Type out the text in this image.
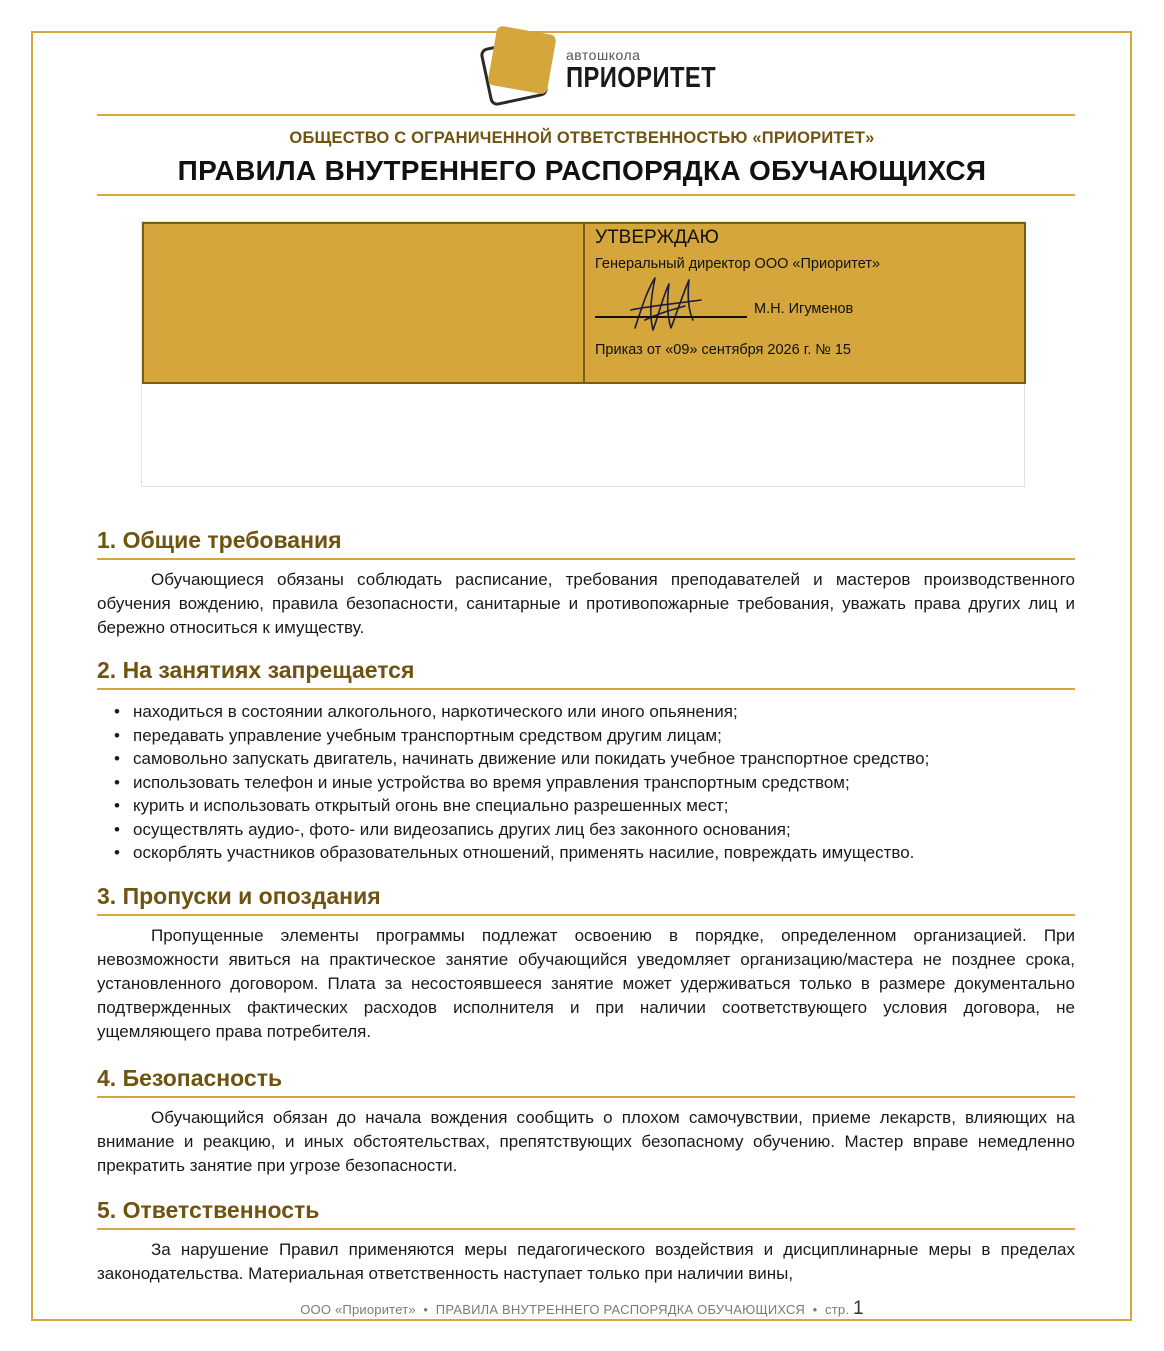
автошкола
ПРИОРИТЕТ
ОБЩЕСТВО С ОГРАНИЧЕННОЙ ОТВЕТСТВЕННОСТЬЮ «ПРИОРИТЕТ»
ПРАВИЛА ВНУТРЕННЕГО РАСПОРЯДКА ОБУЧАЮЩИХСЯ
УТВЕРЖДАЮ
Генеральный директор ООО «Приоритет»
М.Н. Игуменов
Приказ от «09» сентября 2026 г. № 15
1. Общие требования

Обучающиеся обязаны соблюдать расписание, требования преподавателей и мастеров производственного обучения вождению, правила безопасности, санитарные и противопожарные требования, уважать права других лиц и бережно относиться к имуществу.

2. На занятиях запрещается
• находиться в состоянии алкогольного, наркотического или иного опьянения;
• передавать управление учебным транспортным средством другим лицам;
• самовольно запускать двигатель, начинать движение или покидать учебное транспортное средство;
• использовать телефон и иные устройства во время управления транспортным средством;
• курить и использовать открытый огонь вне специально разрешенных мест;
• осуществлять аудио-, фото- или видеозапись других лиц без законного основания;
• оскорблять участников образовательных отношений, применять насилие, повреждать имущество.
3. Пропуски и опоздания

Пропущенные элементы программы подлежат освоению в порядке, определенном организацией. При невозможности явиться на практическое занятие обучающийся уведомляет организацию/мастера не позднее срока, установленного договором. Плата за несостоявшееся занятие может удерживаться только в размере документально подтвержденных фактических расходов исполнителя и при наличии соответствующего условия договора, не ущемляющего права потребителя.

4. Безопасность

Обучающийся обязан до начала вождения сообщить о плохом самочувствии, приеме лекарств, влияющих на внимание и реакцию, и иных обстоятельствах, препятствующих безопасному обучению. Мастер вправе немедленно прекратить занятие при угрозе безопасности.

5. Ответственность

За нарушение Правил применяются меры педагогического воздействия и дисциплинарные меры в пределах законодательства. Материальная ответственность наступает только при наличии вины,

ООО «Приоритет» • ПРАВИЛА ВНУТРЕННЕГО РАСПОРЯДКА ОБУЧАЮЩИХСЯ • стр. 1
